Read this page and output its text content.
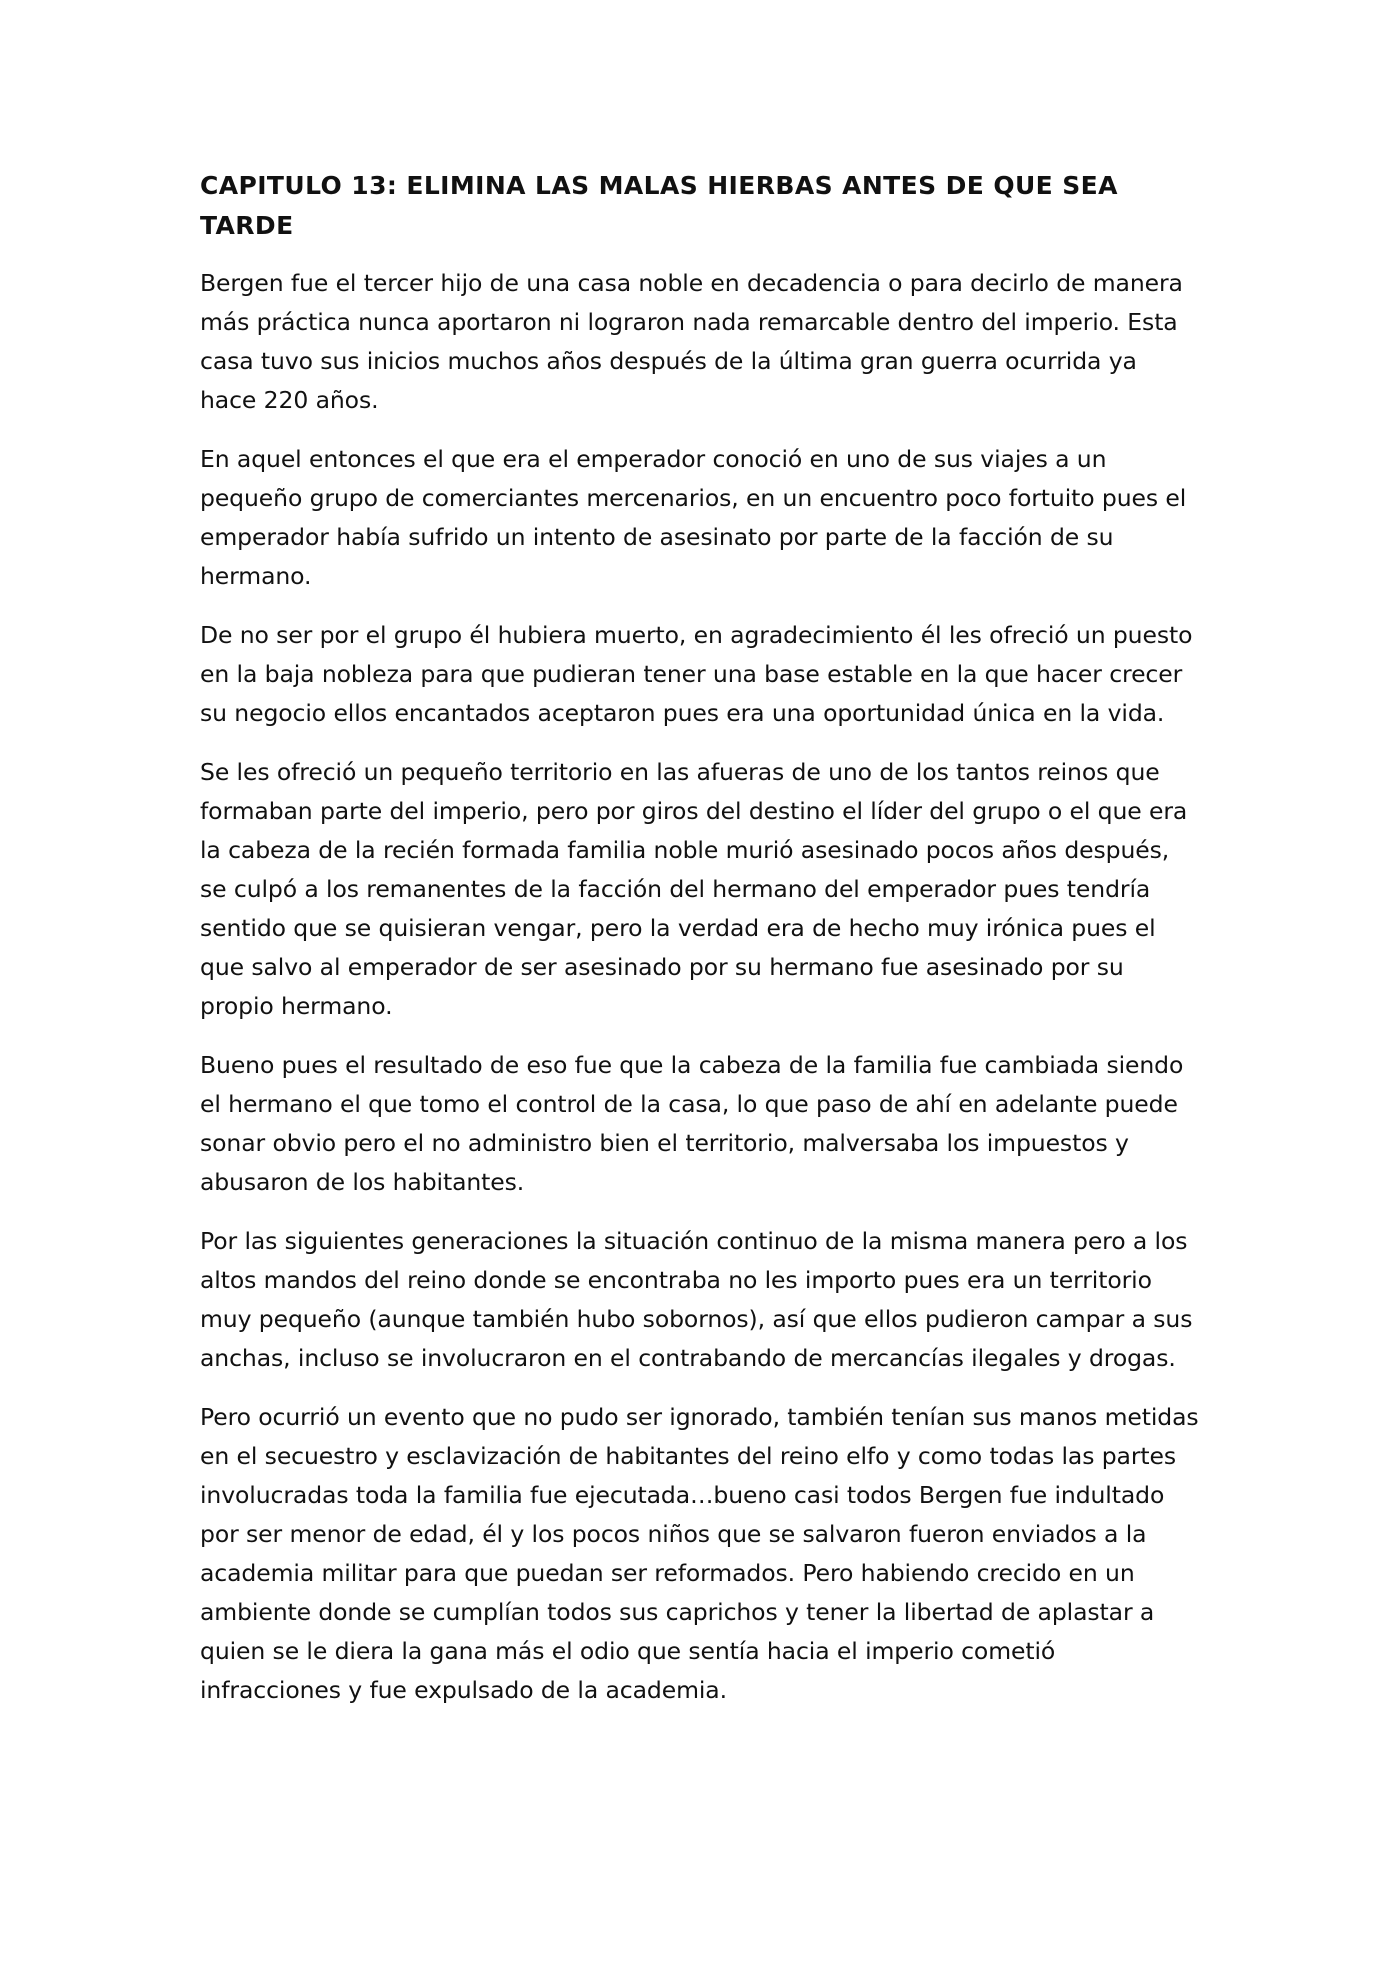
CAPITULO 13: ELIMINA LAS MALAS HIERBAS ANTES DE QUE SEA TARDE

Bergen fue el tercer hijo de una casa noble en decadencia o para decirlo de manera más práctica nunca aportaron ni lograron nada remarcable dentro del imperio. Esta casa tuvo sus inicios muchos años después de la última gran guerra ocurrida ya hace 220 años.

En aquel entonces el que era el emperador conoció en uno de sus viajes a un pequeño grupo de comerciantes mercenarios, en un encuentro poco fortuito pues el emperador había sufrido un intento de asesinato por parte de la facción de su hermano.

De no ser por el grupo él hubiera muerto, en agradecimiento él les ofreció un puesto en la baja nobleza para que pudieran tener una base estable en la que hacer crecer su negocio ellos encantados aceptaron pues era una oportunidad única en la vida.

Se les ofreció un pequeño territorio en las afueras de uno de los tantos reinos que formaban parte del imperio, pero por giros del destino el líder del grupo o el que era la cabeza de la recién formada familia noble murió asesinado pocos años después, se culpó a los remanentes de la facción del hermano del emperador pues tendría sentido que se quisieran vengar, pero la verdad era de hecho muy irónica pues el que salvo al emperador de ser asesinado por su hermano fue asesinado por su propio hermano.

Bueno pues el resultado de eso fue que la cabeza de la familia fue cambiada siendo el hermano el que tomo el control de la casa, lo que paso de ahí en adelante puede sonar obvio pero el no administro bien el territorio, malversaba los impuestos y abusaron de los habitantes.

Por las siguientes generaciones la situación continuo de la misma manera pero a los altos mandos del reino donde se encontraba no les importo pues era un territorio muy pequeño (aunque también hubo sobornos), así que ellos pudieron campar a sus anchas, incluso se involucraron en el contrabando de mercancías ilegales y drogas.

Pero ocurrió un evento que no pudo ser ignorado, también tenían sus manos metidas en el secuestro y esclavización de habitantes del reino elfo y como todas las partes involucradas toda la familia fue ejecutada…bueno casi todos Bergen fue indultado por ser menor de edad, él y los pocos niños que se salvaron fueron enviados a la academia militar para que puedan ser reformados. Pero habiendo crecido en un ambiente donde se cumplían todos sus caprichos y tener la libertad de aplastar a quien se le diera la gana más el odio que sentía hacia el imperio cometió infracciones y fue expulsado de la academia.
